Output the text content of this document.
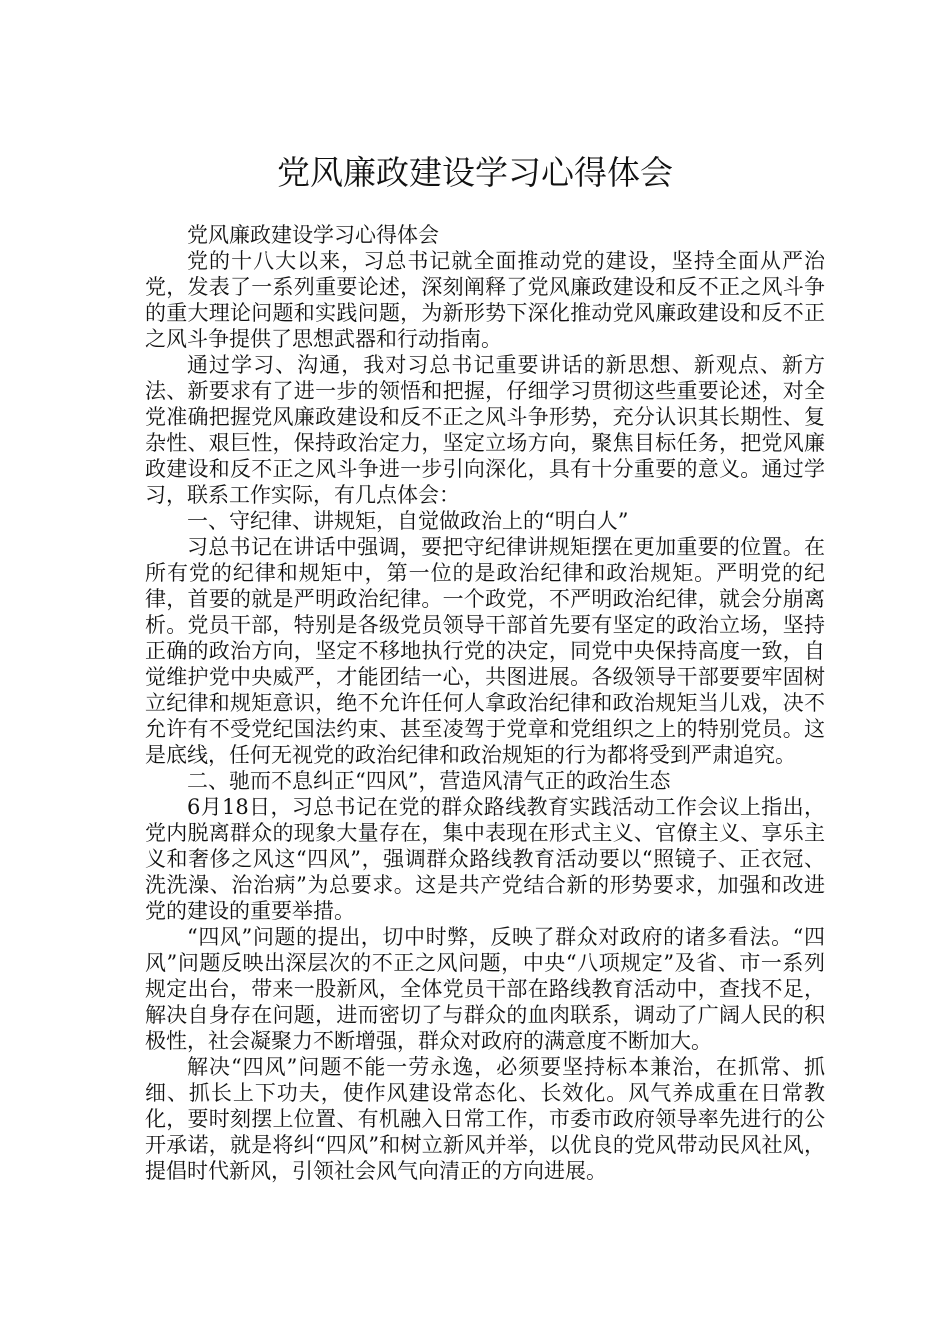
党风廉政建设学习心得体会

党风廉政建设学习心得体会

党的十八大以来，习总书记就全面推动党的建设，坚持全面从严治党，发表了一系列重要论述，深刻阐释了党风廉政建设和反不正之风斗争的重大理论问题和实践问题，为新形势下深化推动党风廉政建设和反不正之风斗争提供了思想武器和行动指南。

通过学习、沟通，我对习总书记重要讲话的新思想、新观点、新方法、新要求有了进一步的领悟和把握，仔细学习贯彻这些重要论述，对全党准确把握党风廉政建设和反不正之风斗争形势，充分认识其长期性、复杂性、艰巨性，保持政治定力，坚定立场方向，聚焦目标任务，把党风廉政建设和反不正之风斗争进一步引向深化，具有十分重要的意义。通过学习，联系工作实际，有几点体会：

一、守纪律、讲规矩，自觉做政治上的“明白人”

习总书记在讲话中强调，要把守纪律讲规矩摆在更加重要的位置。在所有党的纪律和规矩中，第一位的是政治纪律和政治规矩。严明党的纪律，首要的就是严明政治纪律。一个政党，不严明政治纪律，就会分崩离析。党员干部，特别是各级党员领导干部首先要有坚定的政治立场，坚持正确的政治方向，坚定不移地执行党的决定，同党中央保持高度一致，自觉维护党中央威严，才能团结一心，共图进展。各级领导干部要要牢固树立纪律和规矩意识，绝不允许任何人拿政治纪律和政治规矩当儿戏，决不允许有不受党纪国法约束、甚至凌驾于党章和党组织之上的特别党员。这是底线，任何无视党的政治纪律和政治规矩的行为都将受到严肃追究。

二、驰而不息纠正“四风”，营造风清气正的政治生态

6月18日，习总书记在党的群众路线教育实践活动工作会议上指出，党内脱离群众的现象大量存在，集中表现在形式主义、官僚主义、享乐主义和奢侈之风这“四风”，强调群众路线教育活动要以“照镜子、正衣冠、洗洗澡、治治病”为总要求。这是共产党结合新的形势要求，加强和改进党的建设的重要举措。

“四风”问题的提出，切中时弊，反映了群众对政府的诸多看法。“四风”问题反映出深层次的不正之风问题，中央“八项规定”及省、市一系列规定出台，带来一股新风，全体党员干部在路线教育活动中，查找不足，解决自身存在问题，进而密切了与群众的血肉联系，调动了广阔人民的积极性，社会凝聚力不断增强，群众对政府的满意度不断加大。

解决“四风”问题不能一劳永逸，必须要坚持标本兼治，在抓常、抓细、抓长上下功夫，使作风建设常态化、长效化。风气养成重在日常教化，要时刻摆上位置、有机融入日常工作，市委市政府领导率先进行的公开承诺，就是将纠“四风”和树立新风并举，以优良的党风带动民风社风，提倡时代新风，引领社会风气向清正的方向进展。
